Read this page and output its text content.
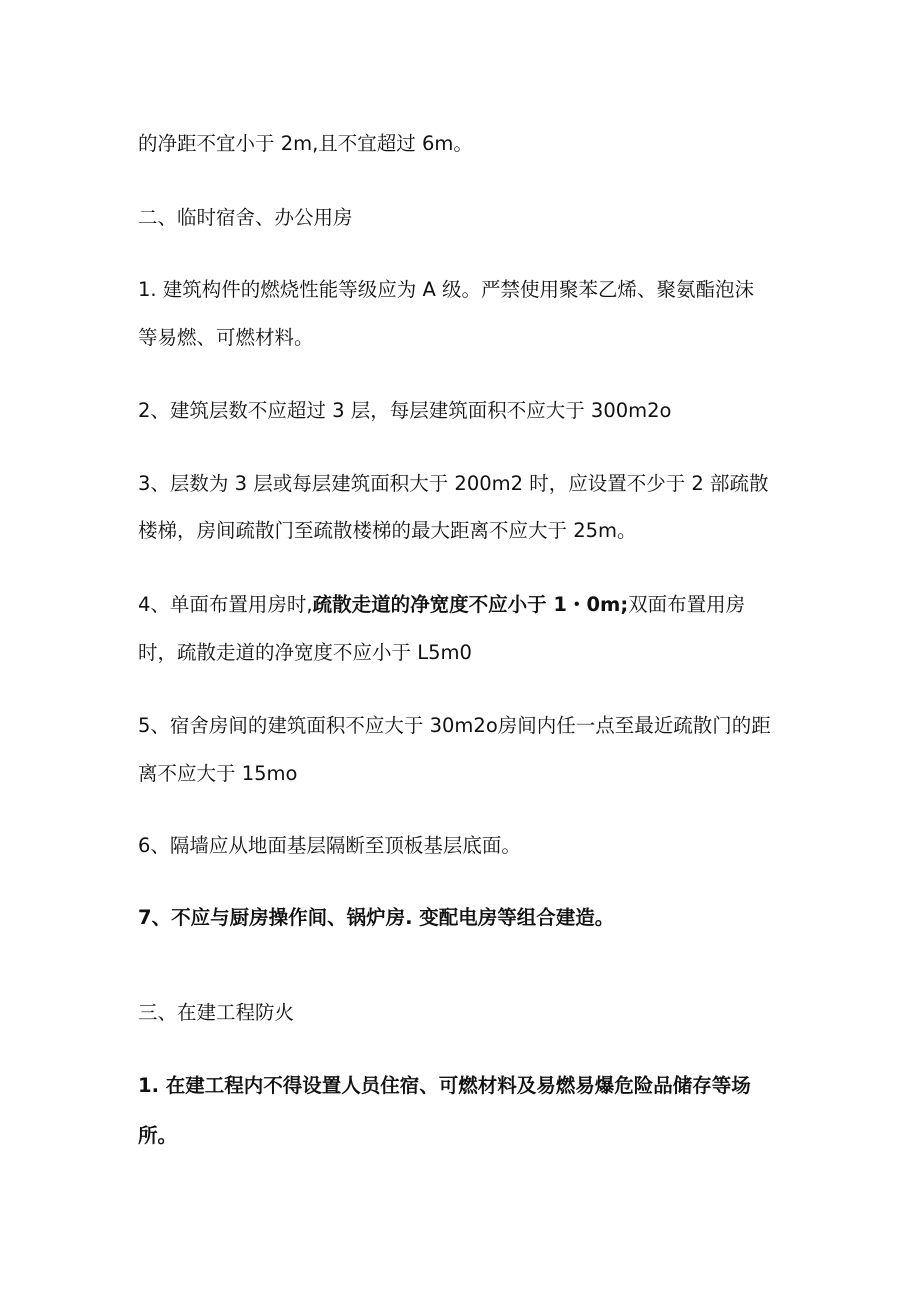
的净距不宜小于 2m,且不宜超过 6m。
二、临时宿舍、办公用房
1. 建筑构件的燃烧性能等级应为 A 级。严禁使用聚苯乙烯、聚氨酯泡沫
等易燃、可燃材料。
2、建筑层数不应超过 3 层，每层建筑面积不应大于 300m2o
3、层数为 3 层或每层建筑面积大于 200m2 时，应设置不少于 2 部疏散
楼梯，房间疏散门至疏散楼梯的最大距离不应大于 25m。
4、单面布置用房时,疏散走道的净宽度不应小于 1・0m;双面布置用房
时，疏散走道的净宽度不应小于 L5m0
5、宿舍房间的建筑面积不应大于 30m2o房间内任一点至最近疏散门的距
离不应大于 15mo
6、隔墙应从地面基层隔断至顶板基层底面。
7、不应与厨房操作间、锅炉房. 变配电房等组合建造。
三、在建工程防火
1. 在建工程内不得设置人员住宿、可燃材料及易燃易爆危险品储存等场
所。
